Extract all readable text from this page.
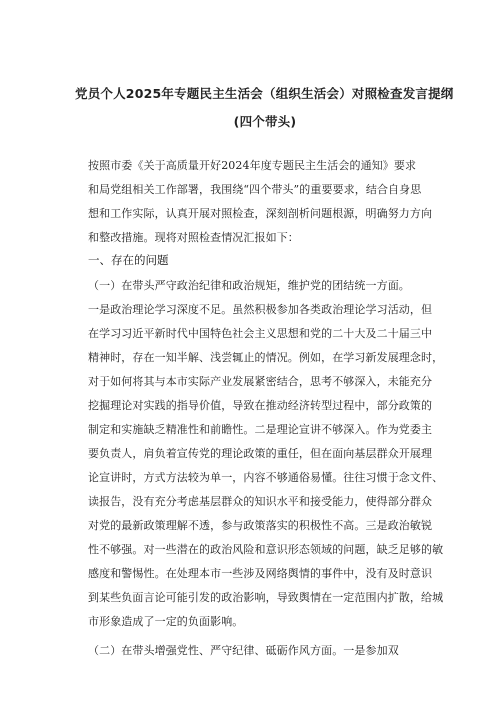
党员个人2025年专题民主生活会（组织生活会）对照检查发言提纲
(四个带头)
按照市委《关于高质量开好2024年度专题民主生活会的通知》要求
和局党组相关工作部署，我围绕“四个带头”的重要要求，结合自身思
想和工作实际，认真开展对照检查，深刻剖析问题根源，明确努力方向
和整改措施。现将对照检查情况汇报如下：
一、存在的问题
（一）在带头严守政治纪律和政治规矩，维护党的团结统一方面。
一是政治理论学习深度不足。虽然积极参加各类政治理论学习活动，但
在学习习近平新时代中国特色社会主义思想和党的二十大及二十届三中
精神时，存在一知半解、浅尝辄止的情况。例如，在学习新发展理念时，
对于如何将其与本市实际产业发展紧密结合，思考不够深入，未能充分
挖掘理论对实践的指导价值，导致在推动经济转型过程中，部分政策的
制定和实施缺乏精准性和前瞻性。二是理论宣讲不够深入。作为党委主
要负责人，肩负着宣传党的理论政策的重任，但在面向基层群众开展理
论宣讲时，方式方法较为单一，内容不够通俗易懂。往往习惯于念文件、
读报告，没有充分考虑基层群众的知识水平和接受能力，使得部分群众
对党的最新政策理解不透，参与政策落实的积极性不高。三是政治敏锐
性不够强。对一些潜在的政治风险和意识形态领域的问题，缺乏足够的敏
感度和警惕性。在处理本市一些涉及网络舆情的事件中，没有及时意识
到某些负面言论可能引发的政治影响，导致舆情在一定范围内扩散，给城
市形象造成了一定的负面影响。
（二）在带头增强党性、严守纪律、砥砺作风方面。一是参加双
